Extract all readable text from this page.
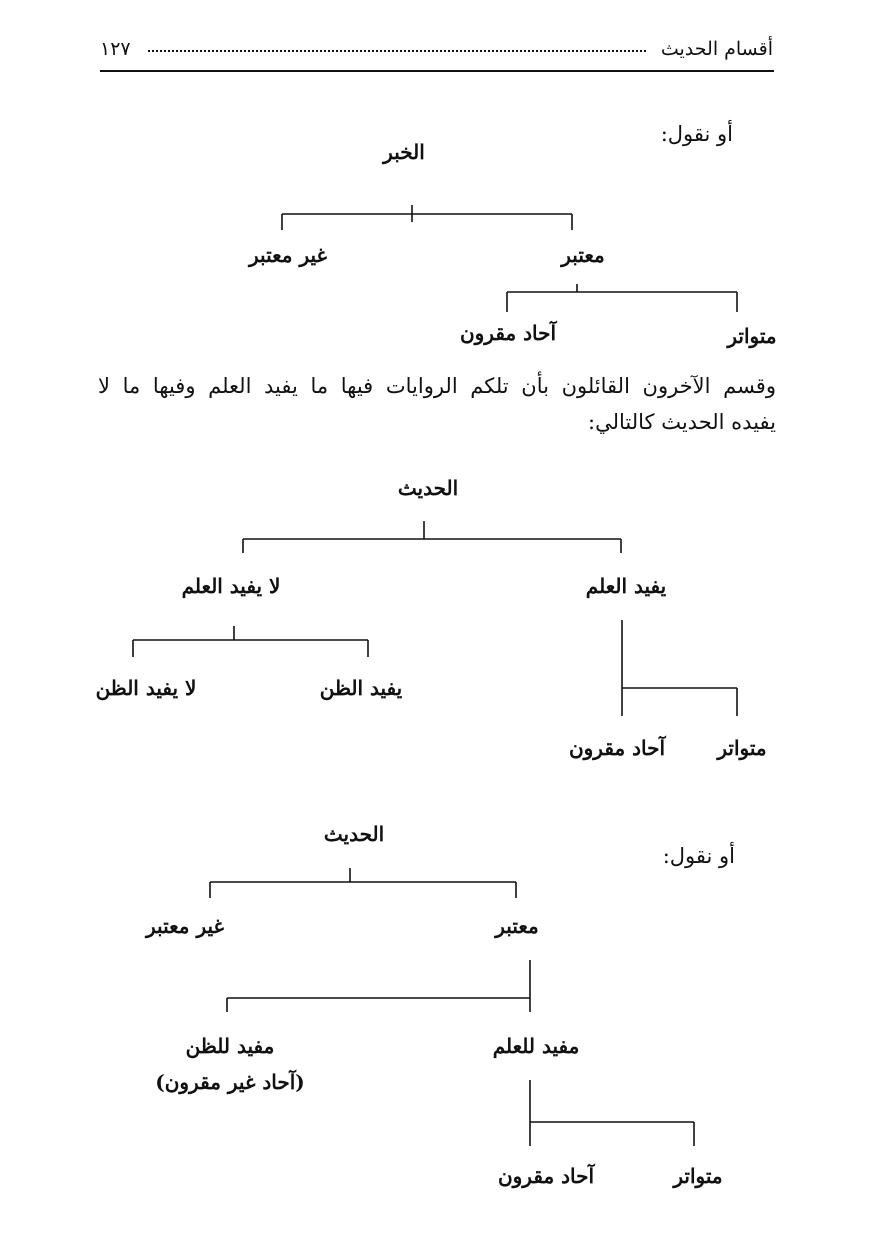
١٢٧	أقسام الحديث
أو نقول:
الخبر
غير معتبر	معتبر
آحاد مقرون	متواتر
وقسم الآخرون القائلون بأن تلكم الروايات فيها ما يفيد العلم وفيها ما لا
يفيده الحديث كالتالي:
الحديث
لا يفيد العلم	يفيد العلم
لا يفيد الظن	يفيد الظن
آحاد مقرون	متواتر
الحديث
أو نقول:
غير معتبر	معتبر
مفيد للظن
(آحاد غير مقرون)
مفيد للعلم
آحاد مقرون	متواتر
